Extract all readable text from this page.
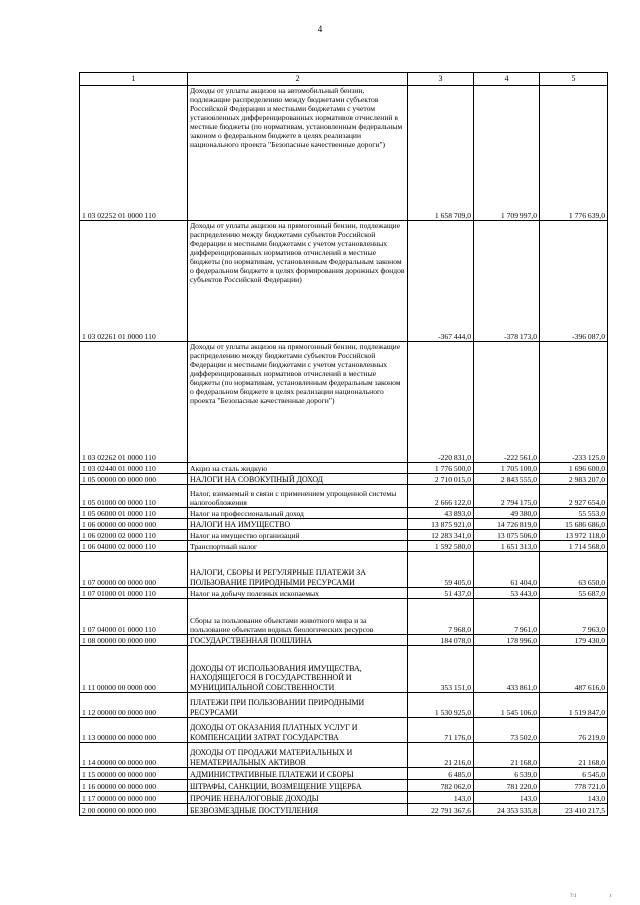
4
1	2	3	4	5
1 03 02252 01 0000 110	Доходы от уплаты акцизов на автомобильный бензин, подлежащие распределению между бюджетами субъектов Российской Федерации и местными бюджетами с учетом установленных дифференцированных нормативов отчислений в местные бюджеты (по нормативам, установленным федеральным законом о федеральном бюджете в целях реализации национального проекта "Безопасные качественные дороги")	1 658 709,0	1 709 997,0	1 776 639,0
1 03 02261 01 0000 110	Доходы от уплаты акцизов на прямогонный бензин, подлежащие распределению между бюджетами субъектов Российской Федерации и местными бюджетами с учетом установленных дифференцированных нормативов отчислений в местные бюджеты (по нормативам, установленным Федеральным законом о федеральном бюджете в целях формирования дорожных фондов субъектов Российской Федерации)	-367 444,0	-378 173,0	-396 087,0
1 03 02262 01 0000 110	Доходы от уплаты акцизов на прямогонный бензин, подлежащие распределению между бюджетами субъектов Российской Федерации и местными бюджетами с учетом установленных дифференцированных нормативов отчислений в местные бюджеты (по нормативам, установленным федеральным законом о федеральном бюджете в целях реализации национального проекта "Безопасные качественные дороги")	-220 831,0	-222 561,0	-233 125,0
1 03 02440 01 0000 110	Акциз на сталь жидкую	1 776 500,0	1 705 100,0	1 696 600,0
1 05 00000 00 0000 000	НАЛОГИ НА СОВОКУПНЫЙ ДОХОД	2 710 015,0	2 843 555,0	2 983 207,0
1 05 01000 00 0000 110	Налог, взимаемый в связи с применением упрощенной системы налогообложения	2 666 122,0	2 794 175,0	2 927 654,0
1 05 06000 01 0000 110	Налог на профессиональный доход	43 893,0	49 380,0	55 553,0
1 06 00000 00 0000 000	НАЛОГИ НА ИМУЩЕСТВО	13 875 921,0	14 726 819,0	15 686 686,0
1 06 02000 02 0000 110	Налог на имущество организаций	12 283 341,0	13 075 506,0	13 972 118,0
1 06 04000 02 0000 110	Транспортный налог	1 592 580,0	1 651 313,0	1 714 568,0
1 07 00000 00 0000 000	НАЛОГИ, СБОРЫ И РЕГУЛЯРНЫЕ ПЛАТЕЖИ ЗА ПОЛЬЗОВАНИЕ ПРИРОДНЫМИ РЕСУРСАМИ	59 405,0	61 404,0	63 650,0
1 07 01000 01 0000 110	Налог на добычу полезных ископаемых	51 437,0	53 443,0	55 687,0
1 07 04000 01 0000 110	Сборы за пользование объектами животного мира и за пользование объектами водных биологических ресурсов	7 968,0	7 961,0	7 963,0
1 08 00000 00 0000 000	ГОСУДАРСТВЕННАЯ ПОШЛИНА	184 078,0	178 996,0	179 430,0
1 11 00000 00 0000 000	ДОХОДЫ ОТ ИСПОЛЬЗОВАНИЯ ИМУЩЕСТВА, НАХОДЯЩЕГОСЯ В ГОСУДАРСТВЕННОЙ И МУНИЦИПАЛЬНОЙ СОБСТВЕННОСТИ	353 151,0	433 861,0	487 616,0
1 12 00000 00 0000 000	ПЛАТЕЖИ ПРИ ПОЛЬЗОВАНИИ ПРИРОДНЫМИ РЕСУРСАМИ	1 530 925,0	1 545 106,0	1 519 847,0
1 13 00000 00 0000 000	ДОХОДЫ ОТ ОКАЗАНИЯ ПЛАТНЫХ УСЛУГ И КОМПЕНСАЦИИ ЗАТРАТ ГОСУДАРСТВА	71 176,0	73 502,0	76 219,0
1 14 00000 00 0000 000	ДОХОДЫ ОТ ПРОДАЖИ МАТЕРИАЛЬНЫХ И НЕМАТЕРИАЛЬНЫХ АКТИВОВ	21 216,0	21 168,0	21 168,0
1 15 00000 00 0000 000	АДМИНИСТРАТИВНЫЕ ПЛАТЕЖИ И СБОРЫ	6 485,0	6 539,0	6 545,0
1 16 00000 00 0000 000	ШТРАФЫ, САНКЦИИ, ВОЗМЕЩЕНИЕ УЩЕРБА	782 062,0	781 220,0	778 721,0
1 17 00000 00 0000 000	ПРОЧИЕ НЕНАЛОГОВЫЕ ДОХОДЫ	143,0	143,0	143,0
2 00 00000 00 0000 000	БЕЗВОЗМЕЗДНЫЕ ПОСТУПЛЕНИЯ	22 791 367,6	24 353 535,8	23 410 217,5
7/1	t
